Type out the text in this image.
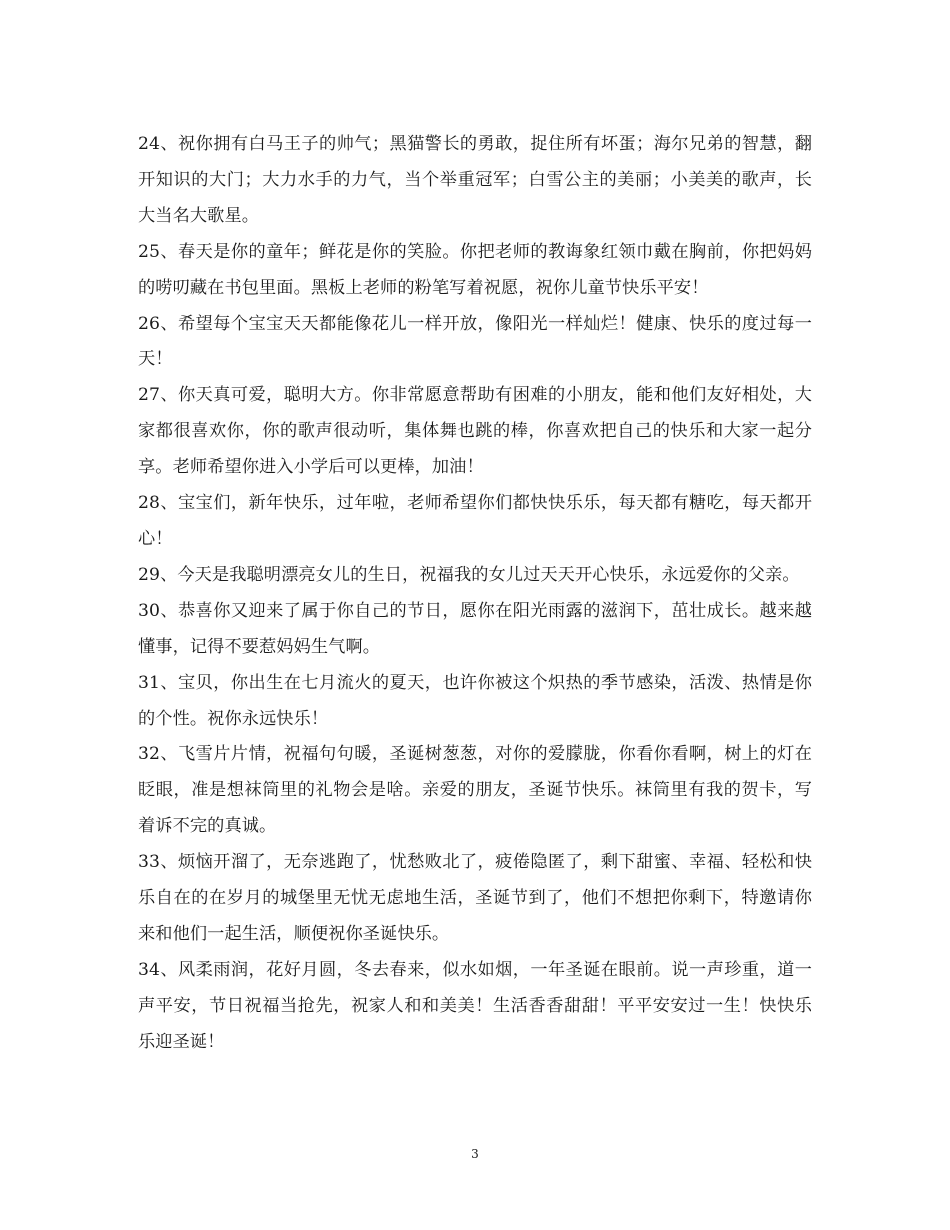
24、祝你拥有白马王子的帅气；黑猫警长的勇敢，捉住所有坏蛋；海尔兄弟的智慧，翻开知识的大门；大力水手的力气，当个举重冠军；白雪公主的美丽；小美美的歌声，长大当名大歌星。

25、春天是你的童年；鲜花是你的笑脸。你把老师的教诲象红领巾戴在胸前，你把妈妈的唠叨藏在书包里面。黑板上老师的粉笔写着祝愿，祝你儿童节快乐平安！

26、希望每个宝宝天天都能像花儿一样开放，像阳光一样灿烂！健康、快乐的度过每一天！

27、你天真可爱，聪明大方。你非常愿意帮助有困难的小朋友，能和他们友好相处，大家都很喜欢你，你的歌声很动听，集体舞也跳的棒，你喜欢把自己的快乐和大家一起分享。老师希望你进入小学后可以更棒，加油！

28、宝宝们，新年快乐，过年啦，老师希望你们都快快乐乐，每天都有糖吃，每天都开心！

29、今天是我聪明漂亮女儿的生日，祝福我的女儿过天天开心快乐，永远爱你的父亲。

30、恭喜你又迎来了属于你自己的节日，愿你在阳光雨露的滋润下，茁壮成长。越来越懂事，记得不要惹妈妈生气啊。

31、宝贝，你出生在七月流火的夏天，也许你被这个炽热的季节感染，活泼、热情是你的个性。祝你永远快乐！

32、飞雪片片情，祝福句句暖，圣诞树葱葱，对你的爱朦胧，你看你看啊，树上的灯在眨眼，准是想袜筒里的礼物会是啥。亲爱的朋友，圣诞节快乐。袜筒里有我的贺卡，写着诉不完的真诚。

33、烦恼开溜了，无奈逃跑了，忧愁败北了，疲倦隐匿了，剩下甜蜜、幸福、轻松和快乐自在的在岁月的城堡里无忧无虑地生活，圣诞节到了，他们不想把你剩下，特邀请你来和他们一起生活，顺便祝你圣诞快乐。

34、风柔雨润，花好月圆，冬去春来，似水如烟，一年圣诞在眼前。说一声珍重，道一声平安，节日祝福当抢先，祝家人和和美美！生活香香甜甜！平平安安过一生！快快乐乐迎圣诞！

3
